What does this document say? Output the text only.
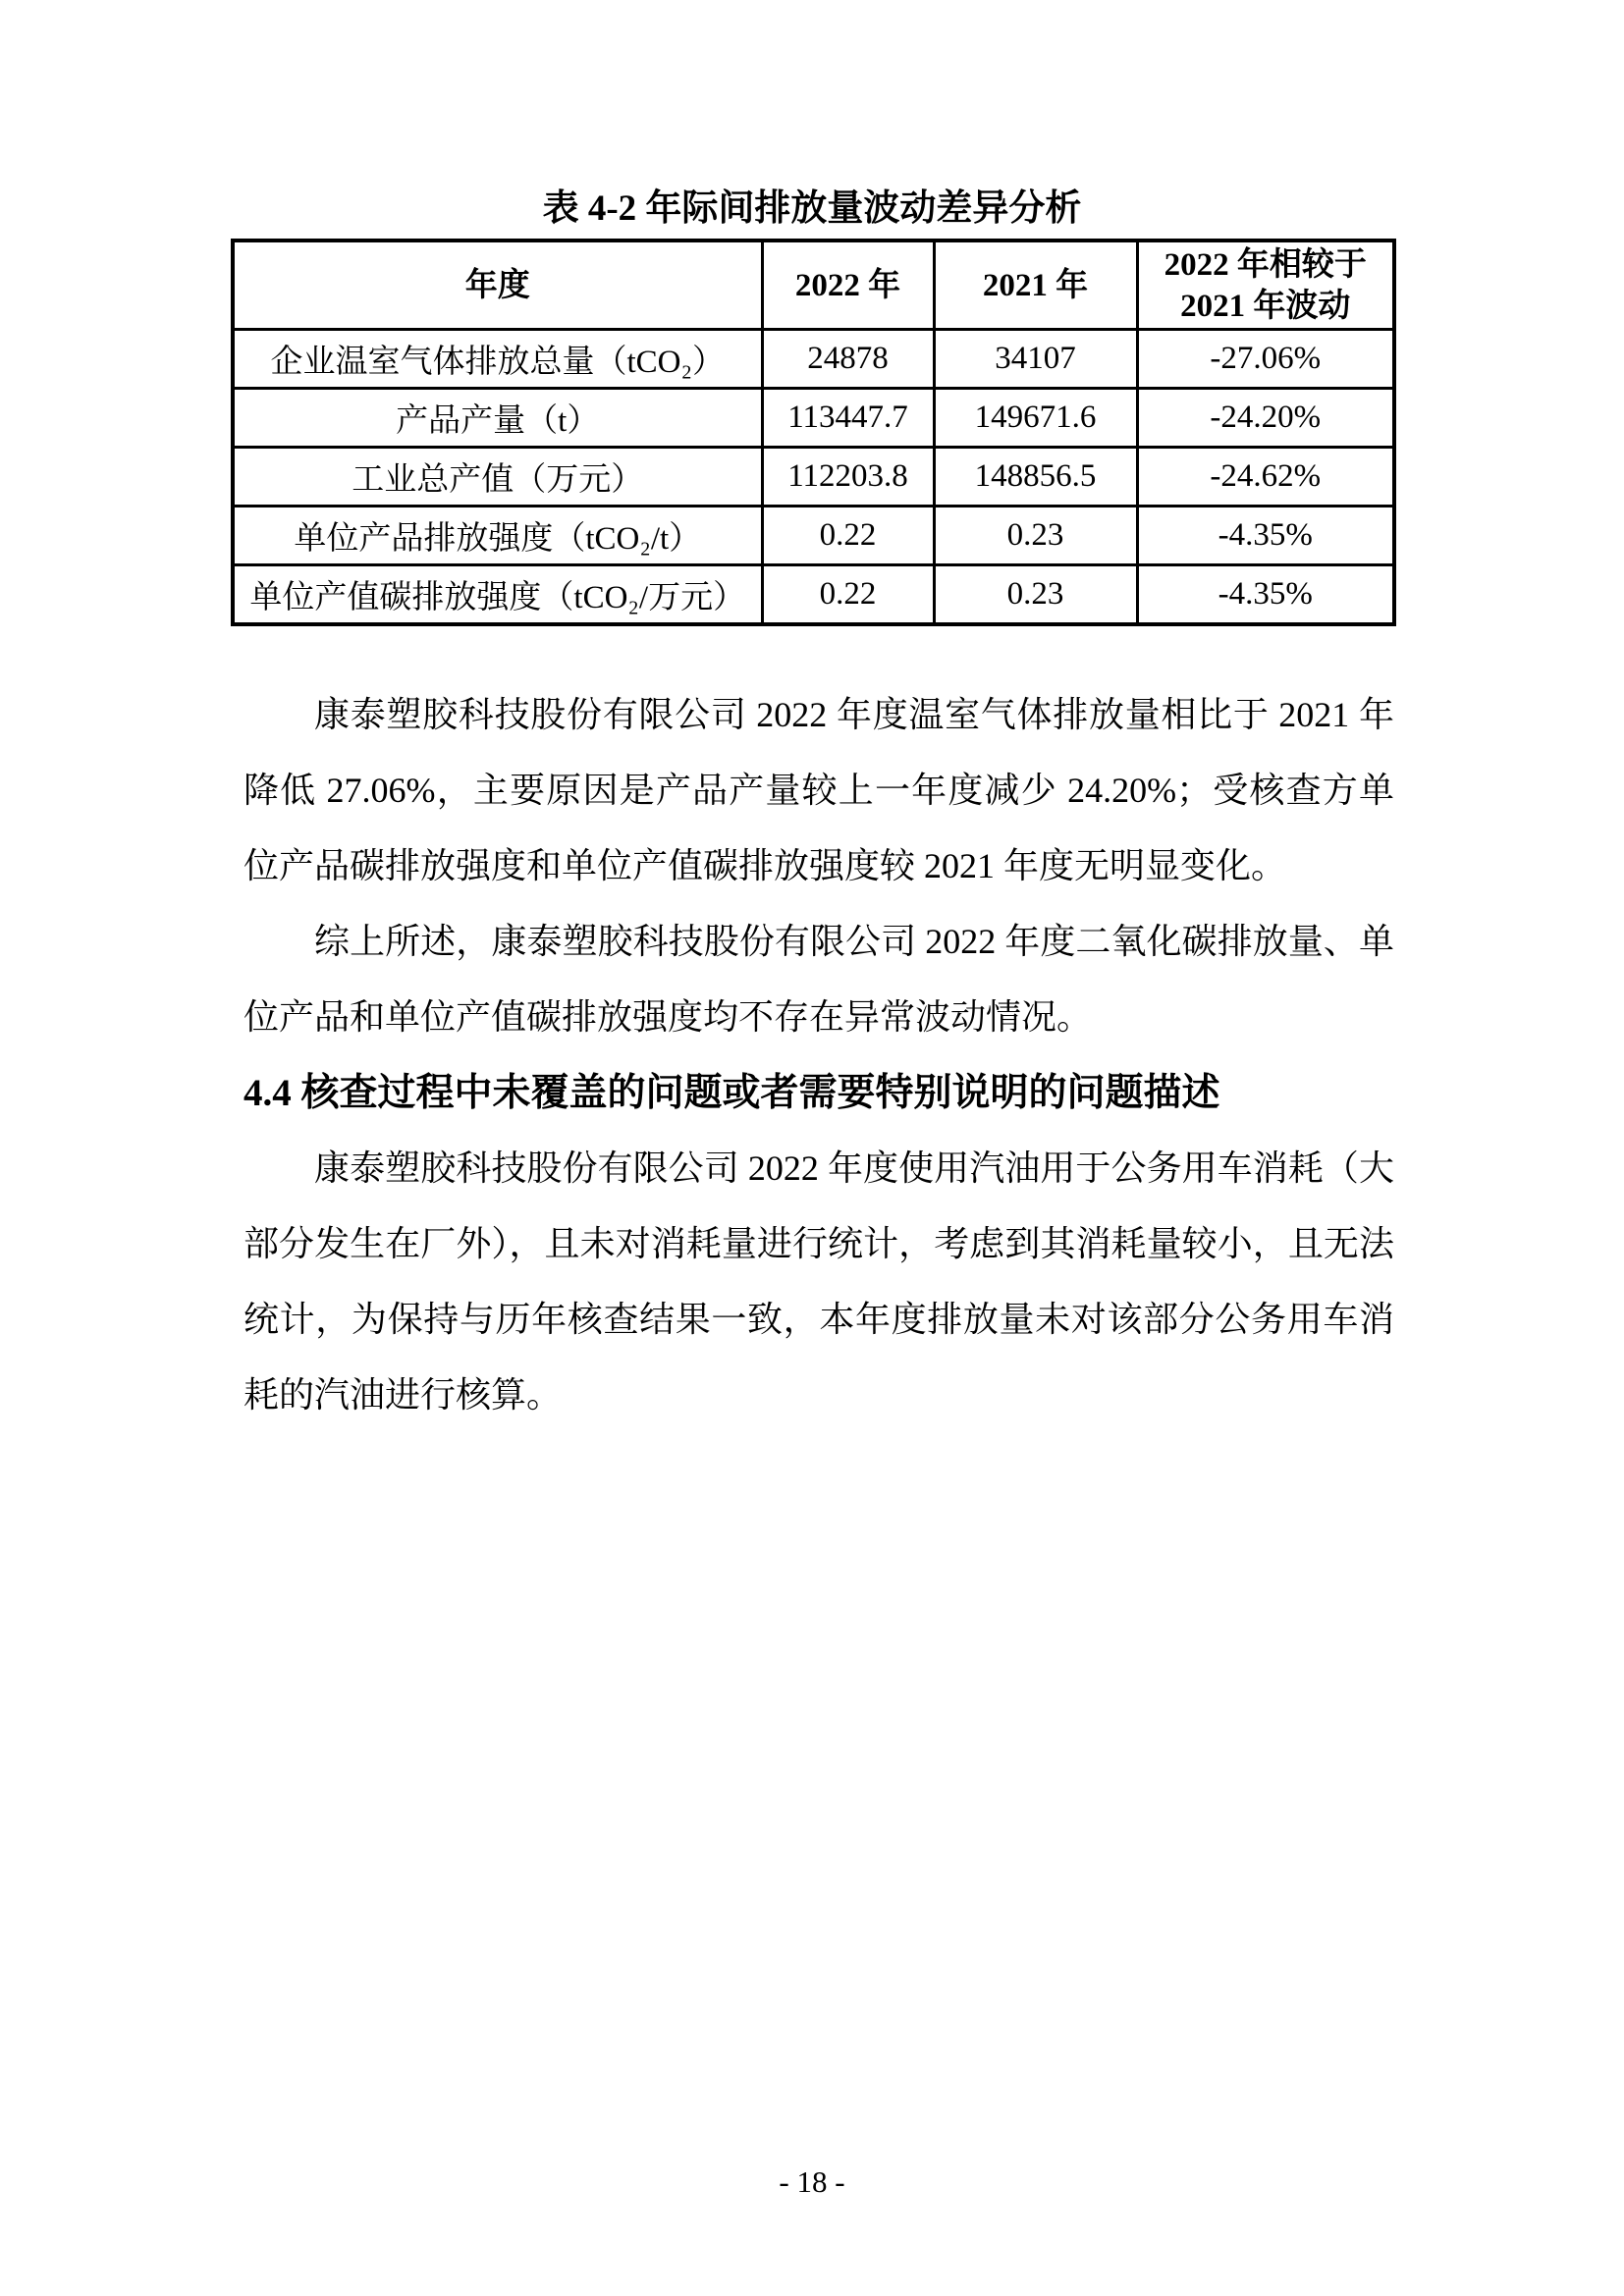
表 4-2 年际间排放量波动差异分析
年度	2022 年	2021 年	2022 年相较于 2021 年波动
企业温室气体排放总量（tCO₂）	24878	34107	-27.06%
产品产量（t）	113447.7	149671.6	-24.20%
工业总产值（万元）	112203.8	148856.5	-24.62%
单位产品排放强度（tCO₂/t）	0.22	0.23	-4.35%
单位产值碳排放强度（tCO₂/万元）	0.22	0.23	-4.35%

康泰塑胶科技股份有限公司 2022 年度温室气体排放量相比于 2021 年降低 27.06%，主要原因是产品产量较上一年度减少 24.20%；受核查方单位产品碳排放强度和单位产值碳排放强度较 2021 年度无明显变化。

综上所述，康泰塑胶科技股份有限公司 2022 年度二氧化碳排放量、单位产品和单位产值碳排放强度均不存在异常波动情况。

4.4 核查过程中未覆盖的问题或者需要特别说明的问题描述

康泰塑胶科技股份有限公司 2022 年度使用汽油用于公务用车消耗（大部分发生在厂外），且未对消耗量进行统计，考虑到其消耗量较小，且无法统计，为保持与历年核查结果一致，本年度排放量未对该部分公务用车消耗的汽油进行核算。

- 18 -
